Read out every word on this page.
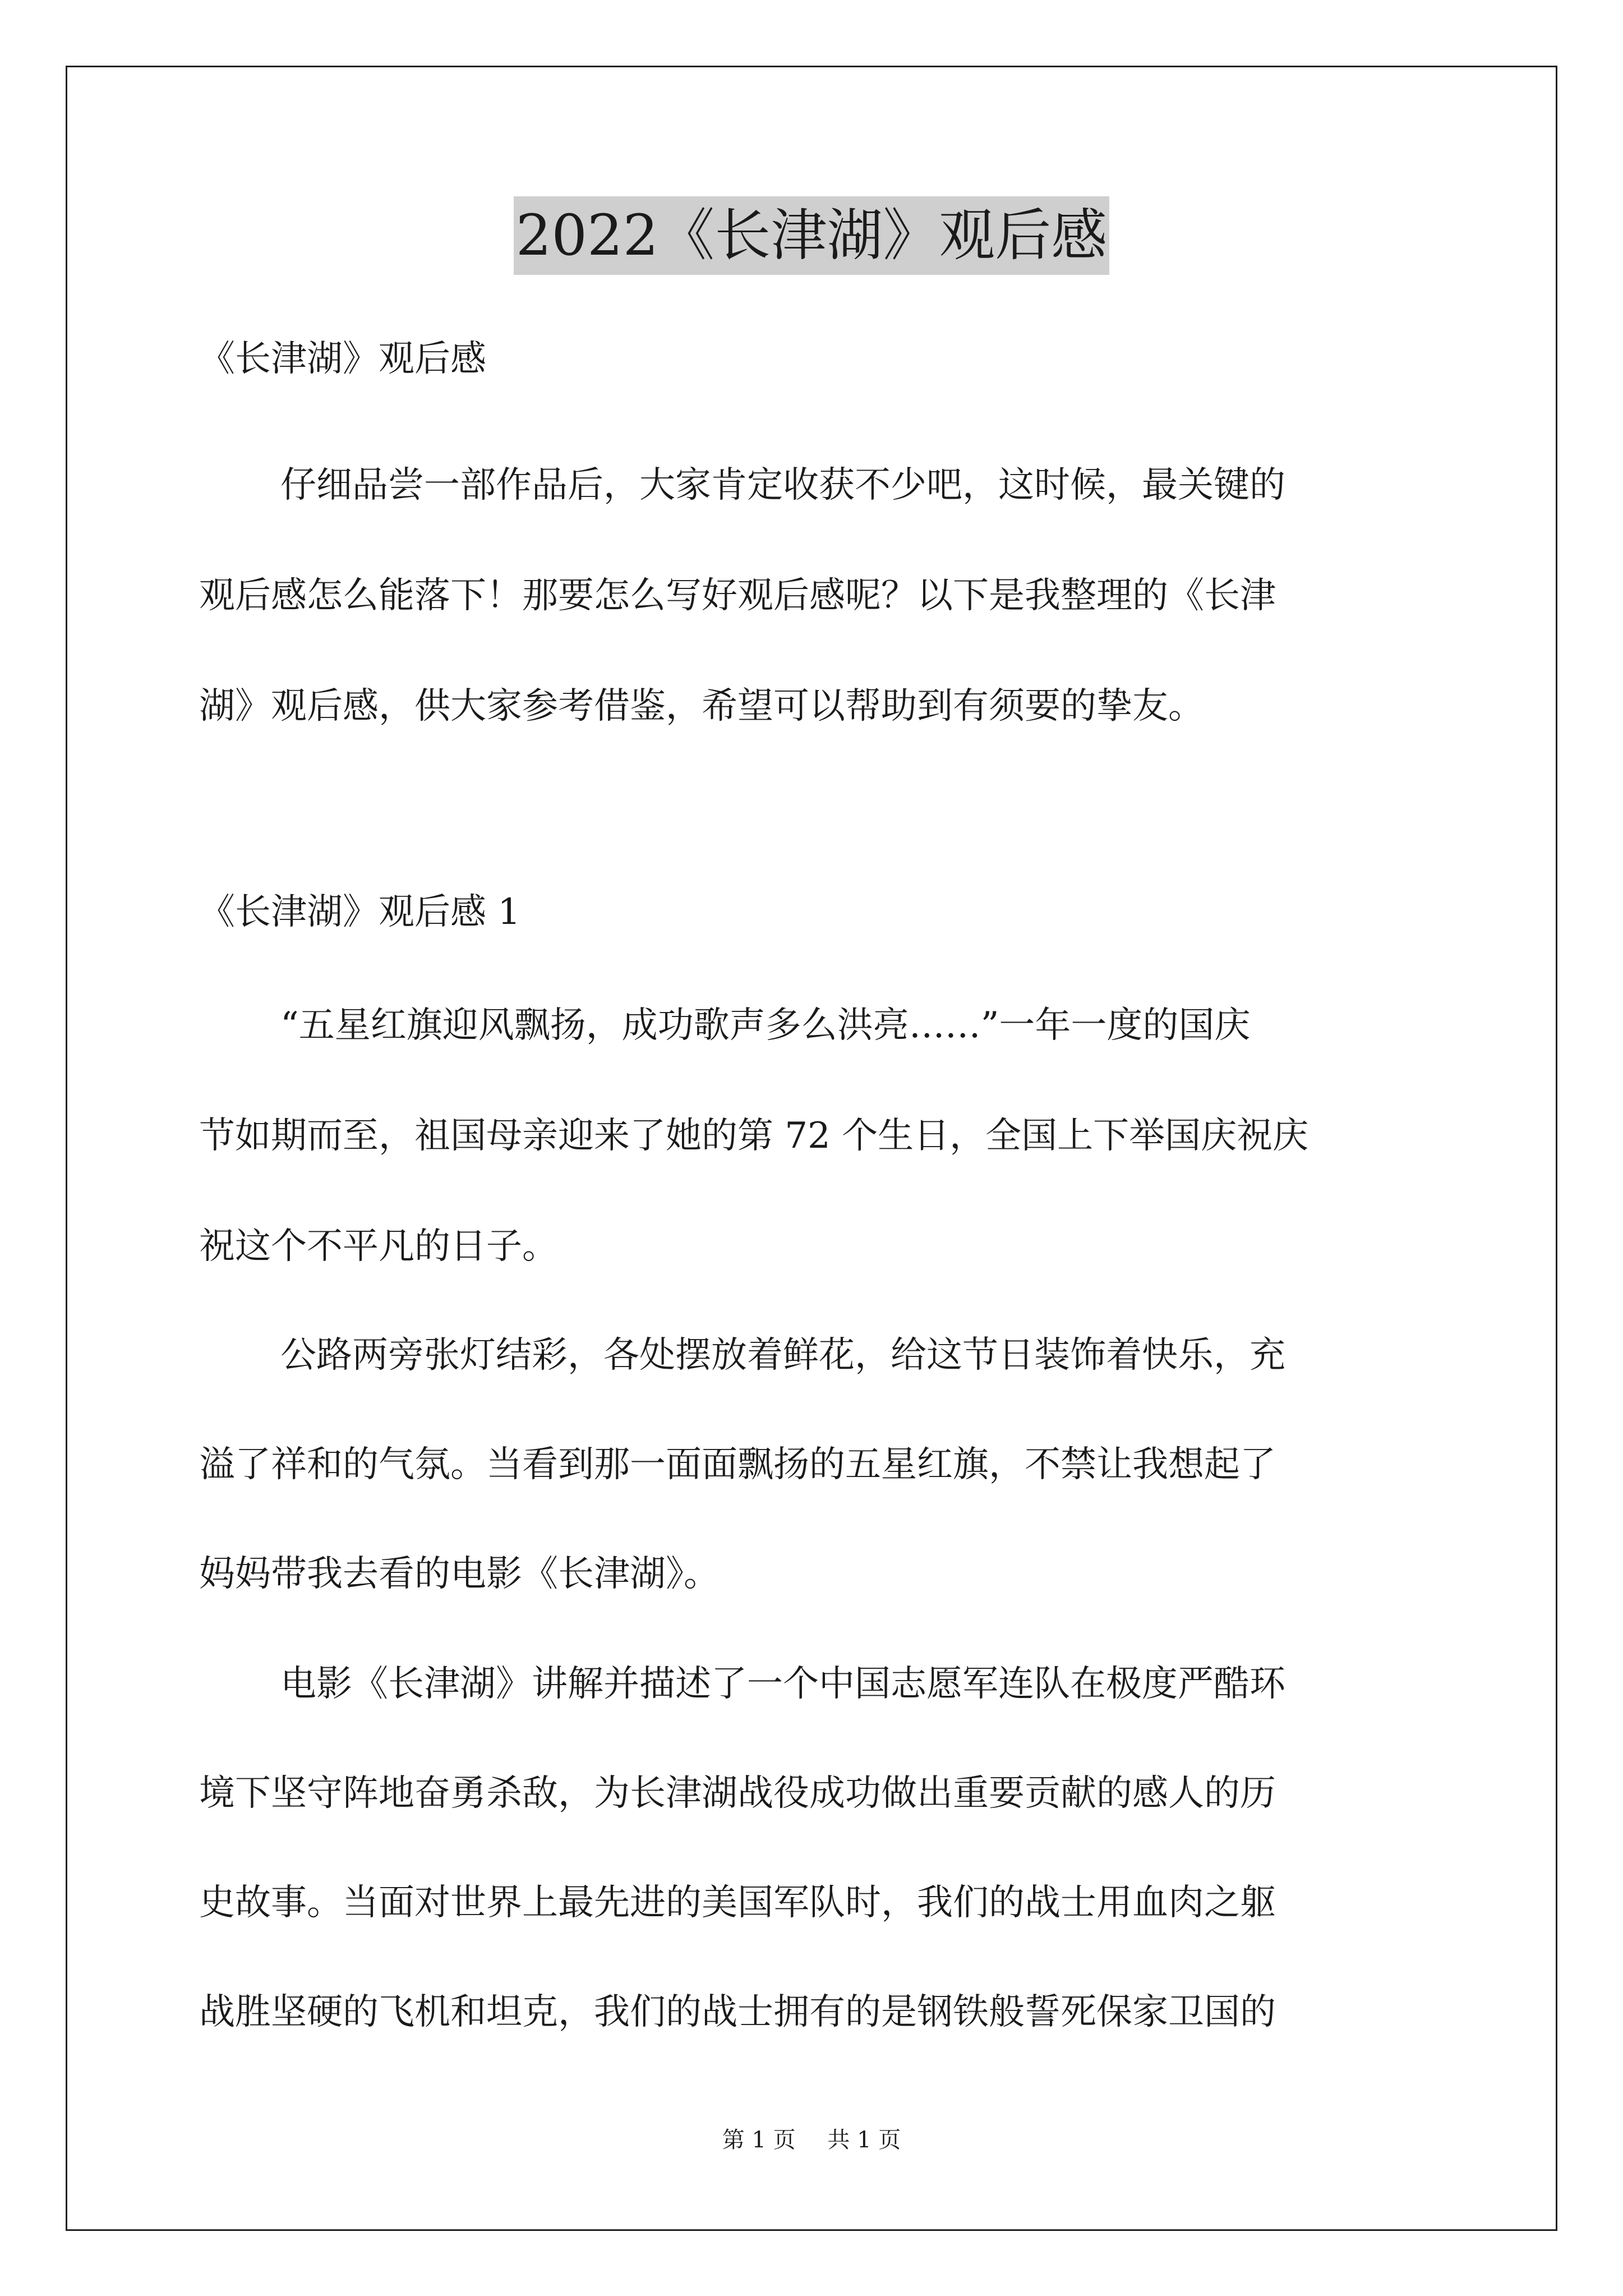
2022《长津湖》观后感
《长津湖》观后感
仔细品尝一部作品后，大家肯定收获不少吧，这时候，最关键的
观后感怎么能落下！那要怎么写好观后感呢？以下是我整理的《长津
湖》观后感，供大家参考借鉴，希望可以帮助到有须要的挚友。
《长津湖》观后感 1
“五星红旗迎风飘扬，成功歌声多么洪亮……”一年一度的国庆
节如期而至，祖国母亲迎来了她的第 72 个生日，全国上下举国庆祝庆
祝这个不平凡的日子。
公路两旁张灯结彩，各处摆放着鲜花，给这节日装饰着快乐，充
溢了祥和的气氛。当看到那一面面飘扬的五星红旗，不禁让我想起了
妈妈带我去看的电影《长津湖》。
电影《长津湖》讲解并描述了一个中国志愿军连队在极度严酷环
境下坚守阵地奋勇杀敌，为长津湖战役成功做出重要贡献的感人的历
史故事。当面对世界上最先进的美国军队时，我们的战士用血肉之躯
战胜坚硬的飞机和坦克，我们的战士拥有的是钢铁般誓死保家卫国的
第 1 页 共 1 页
